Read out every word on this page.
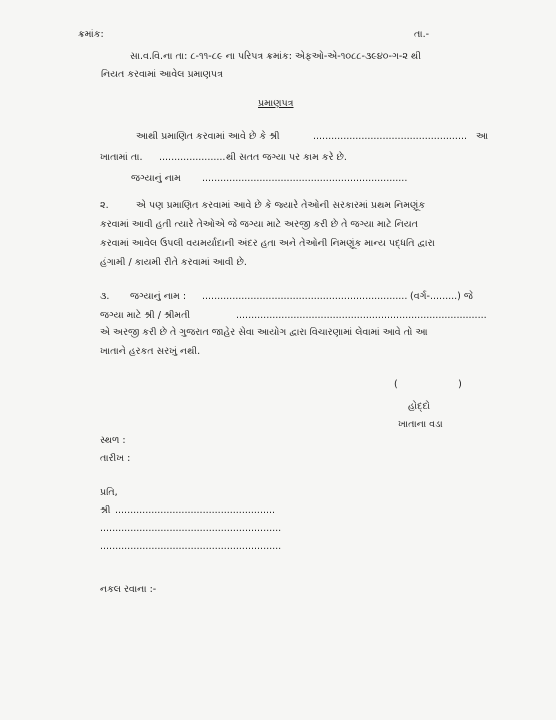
ક્રમાંક:	તા.-
સા.વ.વિ.ના તા: ૮-૧૧-૮૯ ના પરિપત્ર ક્રમાંક: એફઓ-એ-૧૦૮૮-૩૯૪૦-ગ-૨ થી
નિયત કરવામાં આવેલ પ્રમાણપત્ર
પ્રમાણપત્ર
આથી પ્રમાણિત કરવામાં આવે છે કે શ્રી	................................................... આ
ખાતામાં તા. ...................... થી સતત જગ્યા પર કામ કરે છે.
જગ્યાનું નામ ....................................................................
૨.	એ પણ પ્રમાણિત કરવામાં આવે છે કે જ્યારે તેઓની સરકારમાં પ્રથમ નિમણૂંક
કરવામાં આવી હતી ત્યારે તેઓએ જે જગ્યા માટે અરજી કરી છે તે જગ્યા માટે નિયત
કરવામાં આવેલ ઉપલી વયમર્યાદાની અંદર હતા અને તેઓની નિમણૂંક માન્ય પદ્ધતિ દ્વારા
હંગામી / કાયમી રીતે કરવામાં આવી છે.
૩. જગ્યાનું નામ : .................................................................... (વર્ગ-.........) જે
જગ્યા માટે શ્રી / શ્રીમતી	...................................................................................
એ અરજી કરી છે તે ગુજરાત જાહેર સેવા આયોગ દ્વારા વિચારણામાં લેવામાં આવે તો આ
ખાતાને હરકત સરખું નથી.
(                    )
હોદ્દો
ખાતાના વડા
સ્થળ :
તારીખ :
પ્રતિ,
શ્રી .....................................................
............................................................
............................................................
નકલ રવાના :-
